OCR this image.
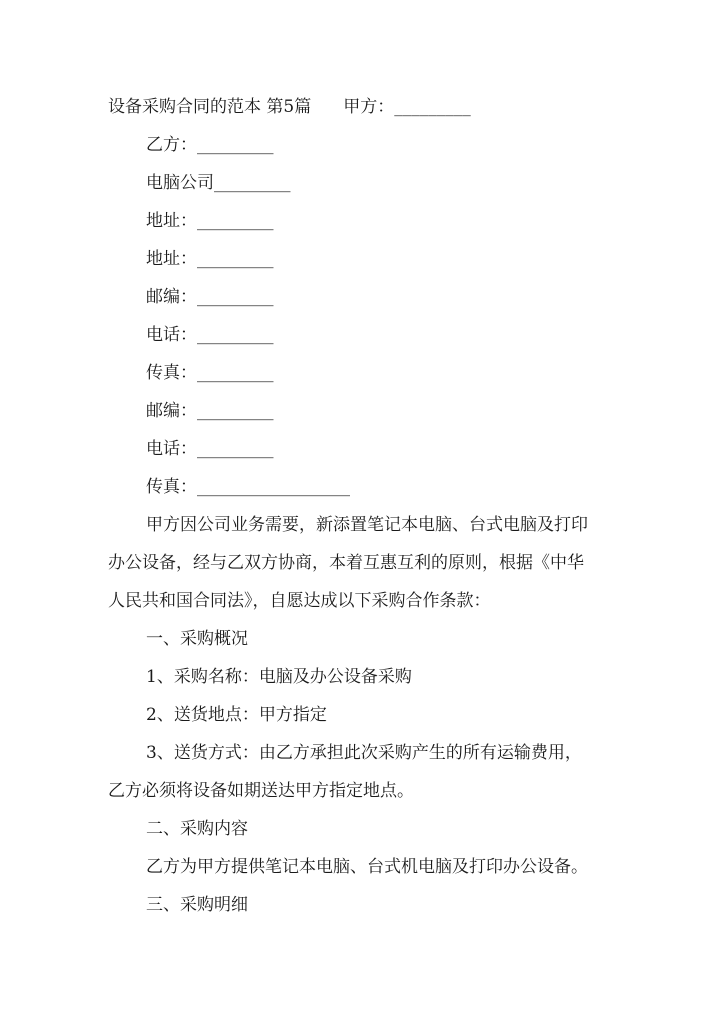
设备采购合同的范本 第5篇 甲方：_________
乙方：_________
电脑公司_________
地址：_________
地址：_________
邮编：_________
电话：_________
传真：_________
邮编：_________
电话：_________
传真：__________________
甲方因公司业务需要，新添置笔记本电脑、台式电脑及打印
办公设备，经与乙双方协商，本着互惠互利的原则，根据《中华
人民共和国合同法》，自愿达成以下采购合作条款：
一、采购概况
1、采购名称：电脑及办公设备采购
2、送货地点：甲方指定
3、送货方式：由乙方承担此次采购产生的所有运输费用，
乙方必须将设备如期送达甲方指定地点。
二、采购内容
乙方为甲方提供笔记本电脑、台式机电脑及打印办公设备。
三、采购明细
